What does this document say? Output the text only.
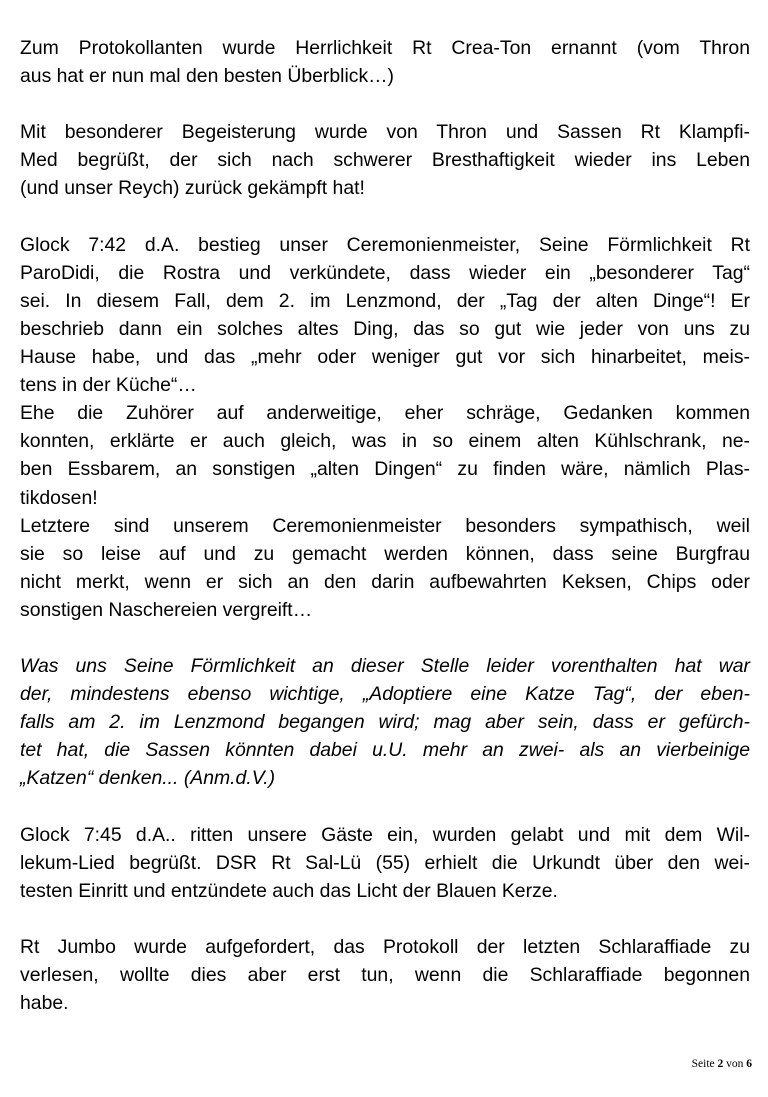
Zum Protokollanten wurde Herrlichkeit Rt Crea-Ton ernannt (vom Thron
aus hat er nun mal den besten Überblick…)
Mit besonderer Begeisterung wurde von Thron und Sassen Rt Klampfi-
Med begrüßt, der sich nach schwerer Bresthaftigkeit wieder ins Leben
(und unser Reych) zurück gekämpft hat!
Glock 7:42 d.A. bestieg unser Ceremonienmeister, Seine Förmlichkeit Rt
ParoDidi, die Rostra und verkündete, dass wieder ein „besonderer Tag“
sei. In diesem Fall, dem 2. im Lenzmond, der „Tag der alten Dinge“! Er
beschrieb dann ein solches altes Ding, das so gut wie jeder von uns zu
Hause habe, und das „mehr oder weniger gut vor sich hinarbeitet, meis-
tens in der Küche“…
Ehe die Zuhörer auf anderweitige, eher schräge, Gedanken kommen
konnten, erklärte er auch gleich, was in so einem alten Kühlschrank, ne-
ben Essbarem, an sonstigen „alten Dingen“ zu finden wäre, nämlich Plas-
tikdosen!
Letztere sind unserem Ceremonienmeister besonders sympathisch, weil
sie so leise auf und zu gemacht werden können, dass seine Burgfrau
nicht merkt, wenn er sich an den darin aufbewahrten Keksen, Chips oder
sonstigen Naschereien vergreift…
Was uns Seine Förmlichkeit an dieser Stelle leider vorenthalten hat war
der, mindestens ebenso wichtige, „Adoptiere eine Katze Tag“, der eben-
falls am 2. im Lenzmond begangen wird; mag aber sein, dass er gefürch-
tet hat, die Sassen könnten dabei u.U. mehr an zwei- als an vierbeinige
„Katzen“ denken... (Anm.d.V.)
Glock 7:45 d.A.. ritten unsere Gäste ein, wurden gelabt und mit dem Wil-
lekum-Lied begrüßt. DSR Rt Sal-Lü (55) erhielt die Urkundt über den wei-
testen Einritt und entzündete auch das Licht der Blauen Kerze.
Rt Jumbo wurde aufgefordert, das Protokoll der letzten Schlaraffiade zu
verlesen, wollte dies aber erst tun, wenn die Schlaraffiade begonnen
habe.
Seite 2 von 6
